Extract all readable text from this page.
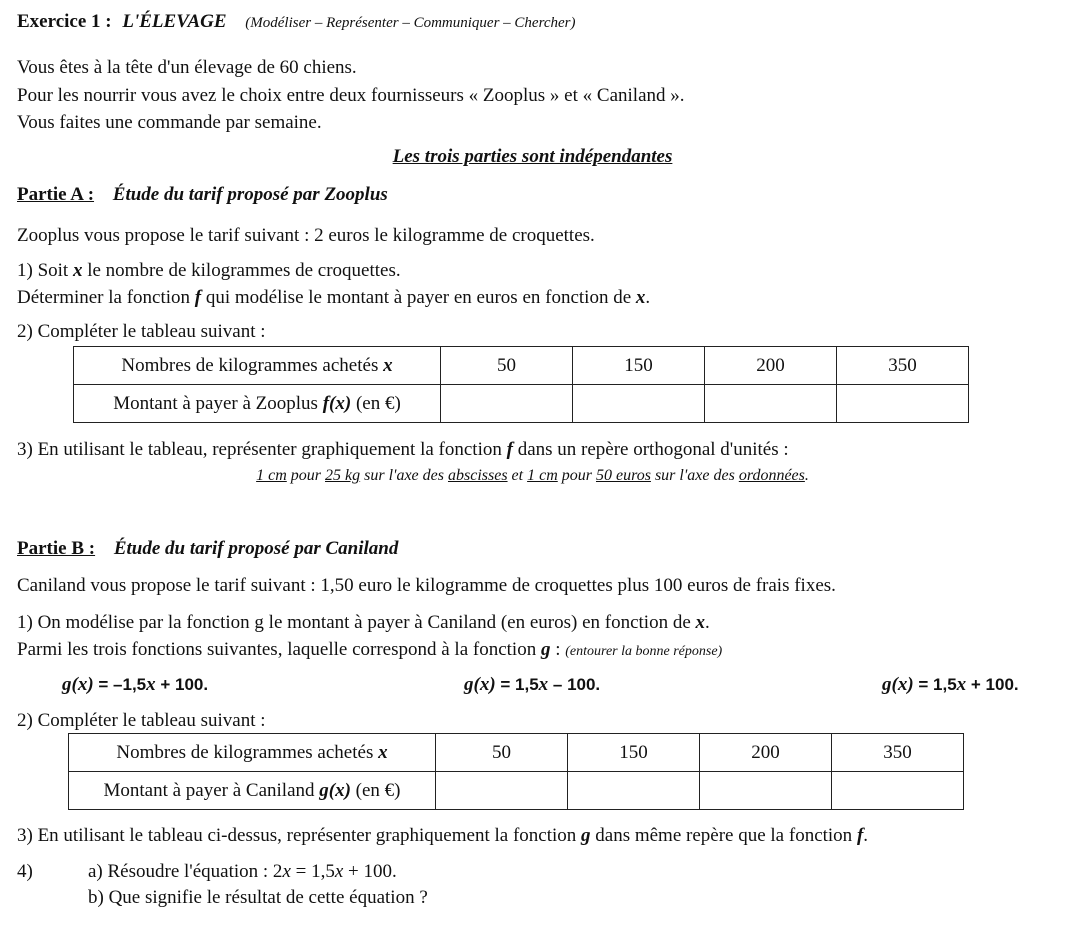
Exercice 1 : L'ÉLEVAGE (Modéliser – Représenter – Communiquer – Chercher)
Vous êtes à la tête d'un élevage de 60 chiens.
Pour les nourrir vous avez le choix entre deux fournisseurs « Zooplus » et « Caniland ».
Vous faites une commande par semaine.
Les trois parties sont indépendantes
Partie A : Étude du tarif proposé par Zooplus
Zooplus vous propose le tarif suivant : 2 euros le kilogramme de croquettes.
1) Soit x le nombre de kilogrammes de croquettes.
Déterminer la fonction f qui modélise le montant à payer en euros en fonction de x.
2) Compléter le tableau suivant :
Nombres de kilogrammes achetés x	50	150	200	350
Montant à payer à Zooplus f(x) (en €)				
3) En utilisant le tableau, représenter graphiquement la fonction f dans un repère orthogonal d'unités :
1 cm pour 25 kg sur l'axe des abscisses et 1 cm pour 50 euros sur l'axe des ordonnées.
Partie B : Étude du tarif proposé par Caniland
Caniland vous propose le tarif suivant : 1,50 euro le kilogramme de croquettes plus 100 euros de frais fixes.
1) On modélise par la fonction g le montant à payer à Caniland (en euros) en fonction de x.
Parmi les trois fonctions suivantes, laquelle correspond à la fonction g : (entourer la bonne réponse)
g(x) = –1,5x + 100.	g(x) = 1,5x – 100.	g(x) = 1,5x + 100.
2) Compléter le tableau suivant :
Nombres de kilogrammes achetés x	50	150	200	350
Montant à payer à Caniland g(x) (en €)				
3) En utilisant le tableau ci-dessus, représenter graphiquement la fonction g dans même repère que la fonction f.
4)	a) Résoudre l'équation : 2x = 1,5x + 100.
b) Que signifie le résultat de cette équation ?
